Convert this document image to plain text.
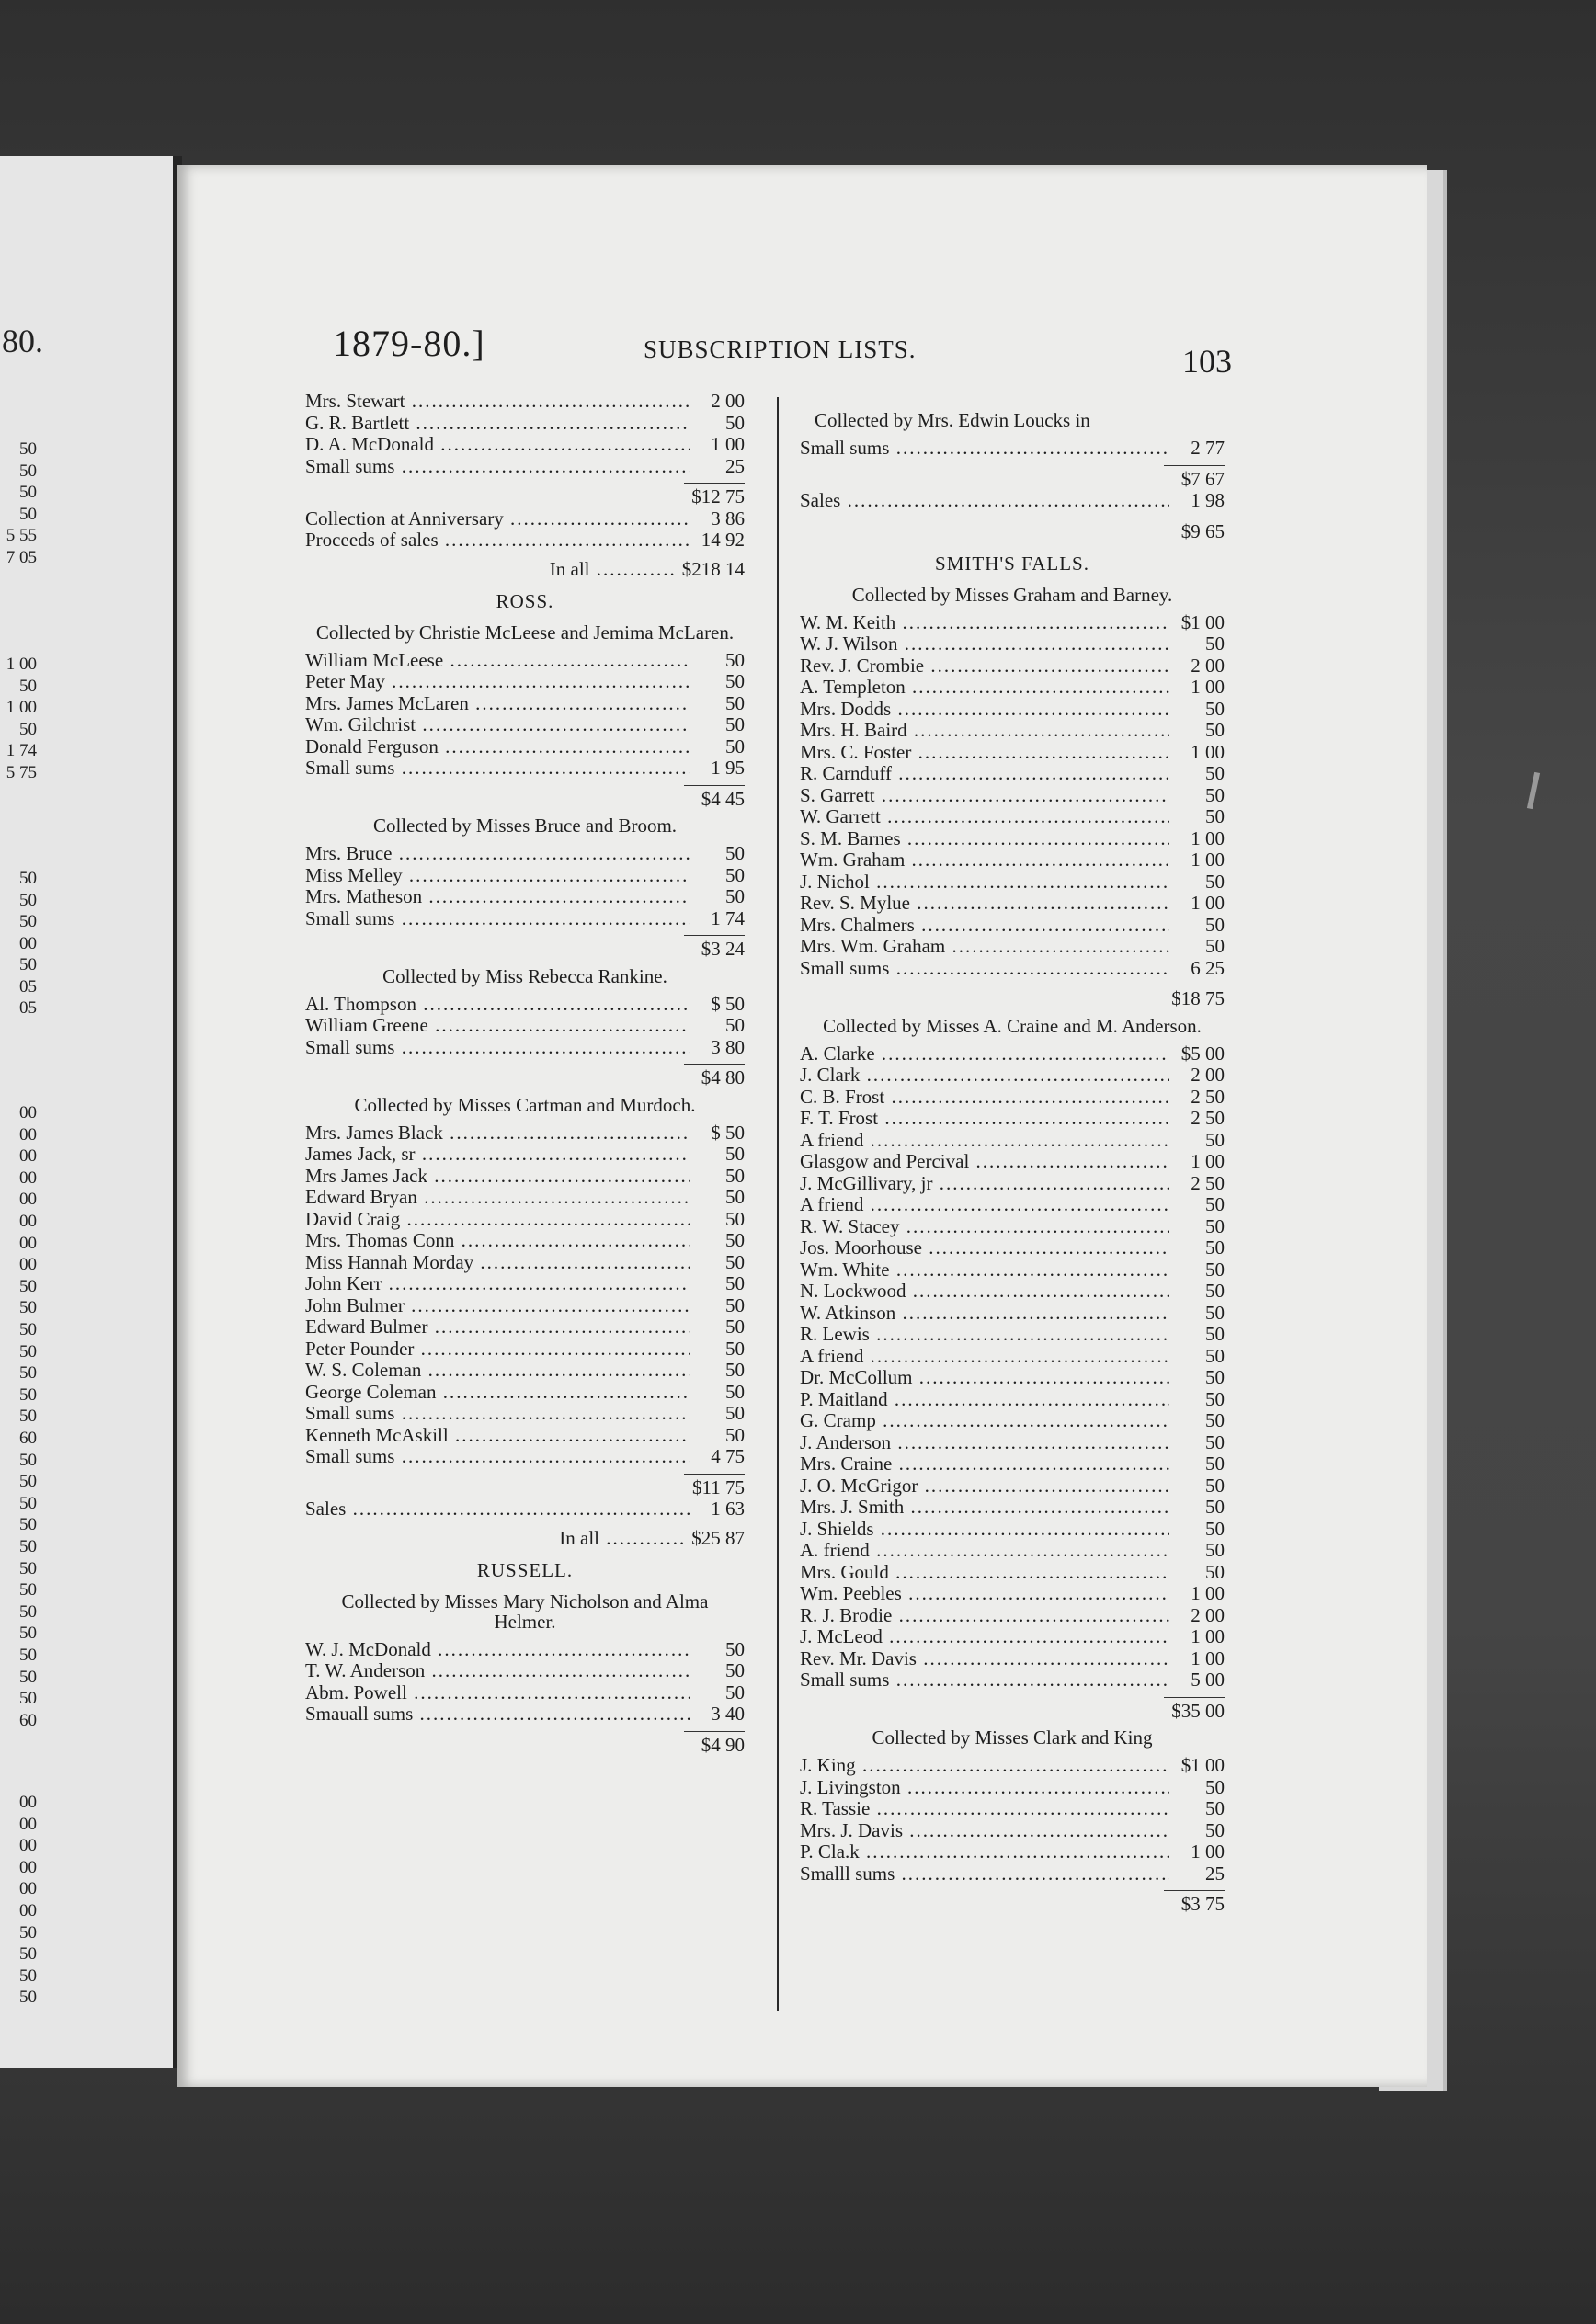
80.
50
50
50
50
5 55
7 05
1 00
50
1 00
50
1 74
5 75
50
50
50
00
50
05
05
00
00
00
00
00
00
00
00
50
50
50
50
50
50
50
60
50
50
50
50
50
50
50
50
50
50
50
50
60
00
00
00
00
00
00
50
50
50
50
1879-80.]	SUBSCRIPTION LISTS.	103
Mrs. Stewart .....	2 00
G. R. Bartlett .....	50
D. A. McDonald .....	1 00
Small sums .....	25
$12 75
Collection at Anniversary .....	3 86
Proceeds of sales .....	14 92
In all .....	$218 14
ROSS.
Collected by Christie McLeese and Jemima McLaren.
William McLeese .....	50
Peter May .....	50
Mrs. James McLaren .....	50
Wm. Gilchrist .....	50
Donald Ferguson .....	50
Small sums .....	1 95
$4 45
Collected by Misses Bruce and Broom.
Mrs. Bruce .....	50
Miss Melley .....	50
Mrs. Matheson .....	50
Small sums .....	1 74
$3 24
Collected by Miss Rebecca Rankine.
Al. Thompson .....	$ 50
William Greene .....	50
Small sums .....	3 80
$4 80
Collected by Misses Cartman and Murdoch.
Mrs. James Black .....	$ 50
James Jack, sr .....	50
Mrs James Jack .....	50
Edward Bryan .....	50
David Craig .....	50
Mrs. Thomas Conn .....	50
Miss Hannah Morday .....	50
John Kerr .....	50
John Bulmer .....	50
Edward Bulmer .....	50
Peter Pounder .....	50
W. S. Coleman .....	50
George Coleman .....	50
Small sums .....	50
Kenneth McAskill .....	50
Small sums .....	4 75
$11 75
Sales .....	1 63
In all .....	$25 87
RUSSELL.
Collected by Misses Mary Nicholson and Alma Helmer.
W. J. McDonald .....	50
T. W. Anderson .....	50
Abm. Powell .....	50
Smauall sums .....	3 40
$4 90
Collected by Mrs. Edwin Loucks in
Small sums .....	2 77
$7 67
Sales .....	1 98
$9 65
SMITH'S FALLS.
Collected by Misses Graham and Barney.
W. M. Keith .....	$1 00
W. J. Wilson .....	50
Rev. J. Crombie .....	2 00
A. Templeton .....	1 00
Mrs. Dodds .....	50
Mrs. H. Baird .....	50
Mrs. C. Foster .....	1 00
R. Carnduff .....	50
S. Garrett .....	50
W. Garrett .....	50
S. M. Barnes .....	1 00
Wm. Graham .....	1 00
J. Nichol .....	50
Rev. S. Mylue .....	1 00
Mrs. Chalmers .....	50
Mrs. Wm. Graham .....	50
Small sums .....	6 25
$18 75
Collected by Misses A. Craine and M. Anderson.
A. Clarke .....	$5 00
J. Clark .....	2 00
C. B. Frost .....	2 50
F. T. Frost .....	2 50
A friend .....	50
Glasgow and Percival .....	1 00
J. McGillivary, jr .....	2 50
A friend .....	50
R. W. Stacey .....	50
Jos. Moorhouse .....	50
Wm. White .....	50
N. Lockwood .....	50
W. Atkinson .....	50
R. Lewis .....	50
A friend .....	50
Dr. McCollum .....	50
P. Maitland .....	50
G. Cramp .....	50
J. Anderson .....	50
Mrs. Craine .....	50
J. O. McGrigor .....	50
Mrs. J. Smith .....	50
J. Shields .....	50
A. friend .....	50
Mrs. Gould .....	50
Wm. Peebles .....	1 00
R. J. Brodie .....	2 00
J. McLeod .....	1 00
Rev. Mr. Davis .....	1 00
Small sums .....	5 00
$35 00
Collected by Misses Clark and King
J. King .....	$1 00
J. Livingston .....	50
R. Tassie .....	50
Mrs. J. Davis .....	50
P. Cla.k .....	1 00
Smalll sums .....	25
$3 75
